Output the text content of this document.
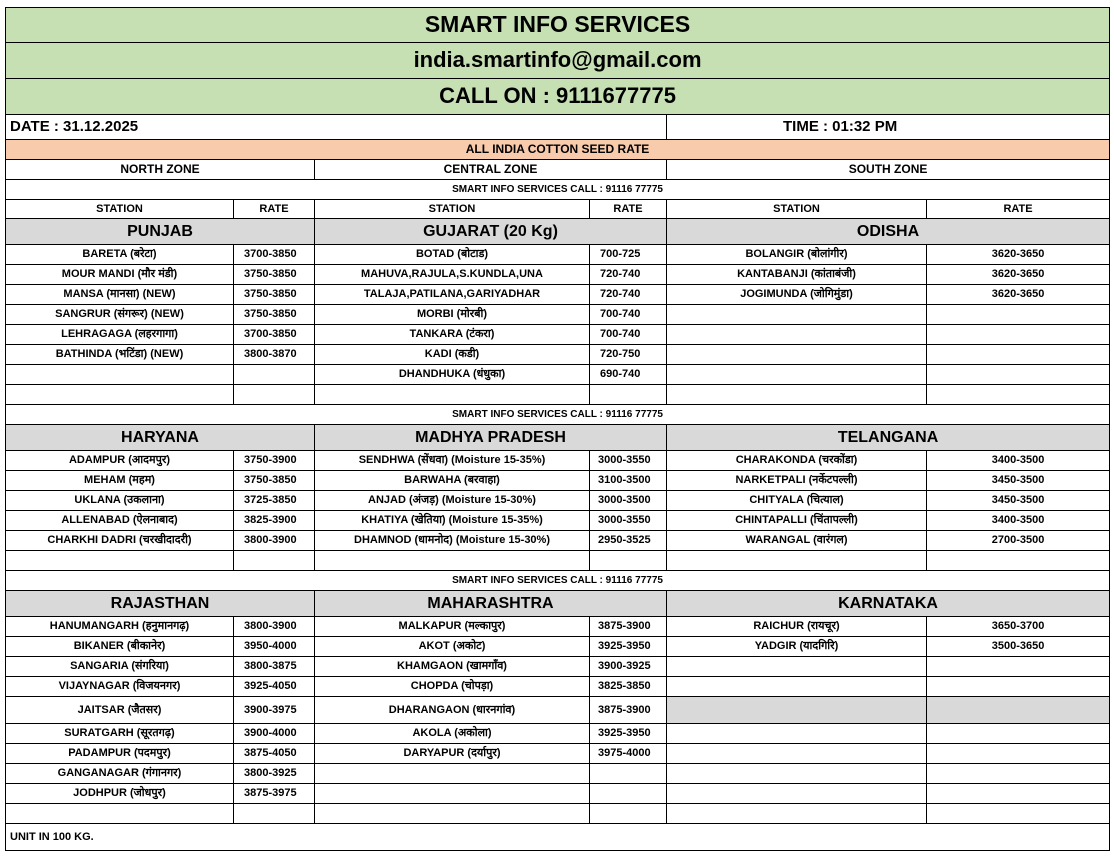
SMART INFO SERVICES					
india.smartinfo@gmail.com					
CALL ON : 9111677775					
DATE : 31.12.2025				TIME : 01:32 PM	
ALL INDIA COTTON SEED RATE					
NORTH ZONE		CENTRAL ZONE		SOUTH ZONE	
SMART INFO SERVICES CALL : 91116 77775					
STATION	RATE	STATION	RATE	STATION	RATE
PUNJAB		GUJARAT (20 Kg)		ODISHA	
BARETA (बरेटा)	3700-3850	BOTAD (बोटाड)	700-725	BOLANGIR (बोलांगीर)	3620-3650
MOUR MANDI (मौर मंडी)	3750-3850	MAHUVA,RAJULA,S.KUNDLA,UNA	720-740	KANTABANJI (कांताबंजी)	3620-3650
MANSA (मानसा) (NEW)	3750-3850	TALAJA,PATILANA,GARIYADHAR	720-740	JOGIMUNDA (जोगिमुंडा)	3620-3650
SANGRUR (संगरूर) (NEW)	3750-3850	MORBI (मोरबी)	700-740		
LEHRAGAGA (लहरगागा)	3700-3850	TANKARA (टंकरा)	700-740		
BATHINDA (भटिंडा) (NEW)	3800-3870	KADI (कडी)	720-750		
		DHANDHUKA (धंधुका)	690-740		

SMART INFO SERVICES CALL : 91116 77775					
HARYANA		MADHYA PRADESH		TELANGANA	
ADAMPUR (आदमपुर)	3750-3900	SENDHWA (सेंधवा) (Moisture 15-35%)	3000-3550	CHARAKONDA (चरकोंडा)	3400-3500
MEHAM (महम)	3750-3850	BARWAHA (बरवाहा)	3100-3500	NARKETPALI (नर्केटपल्ली)	3450-3500
UKLANA (उकलाना)	3725-3850	ANJAD (अंजड़) (Moisture 15-30%)	3000-3500	CHITYALA (चित्याल)	3450-3500
ALLENABAD (ऐलनाबाद)	3825-3900	KHATIYA (खेतिया) (Moisture 15-35%)	3000-3550	CHINTAPALLI (चिंतापल्ली)	3400-3500
CHARKHI DADRI (चरखीदादरी)	3800-3900	DHAMNOD (धामनोद) (Moisture 15-30%)	2950-3525	WARANGAL (वारंगल)	2700-3500

SMART INFO SERVICES CALL : 91116 77775					
RAJASTHAN		MAHARASHTRA		KARNATAKA	
HANUMANGARH (हनुमानगढ़)	3800-3900	MALKAPUR (मल्कापुर)	3875-3900	RAICHUR (रायचूर)	3650-3700
BIKANER (बीकानेर)	3950-4000	AKOT (अकोट)	3925-3950	YADGIR (यादगिरि)	3500-3650
SANGARIA (संगरिया)	3800-3875	KHAMGAON (खामगाँव)	3900-3925		
VIJAYNAGAR (विजयनगर)	3925-4050	CHOPDA (चोपड़ा)	3825-3850		
JAITSAR (जैतसर)	3900-3975	DHARANGAON (धारनगांव)	3875-3900		
SURATGARH (सूरतगढ़)	3900-4000	AKOLA (अकोला)	3925-3950		
PADAMPUR (पदमपुर)	3875-4050	DARYAPUR (दर्यापुर)	3975-4000		
GANGANAGAR (गंगानगर)	3800-3925				
JODHPUR (जोधपुर)	3875-3975				

UNIT IN 100 KG.					
